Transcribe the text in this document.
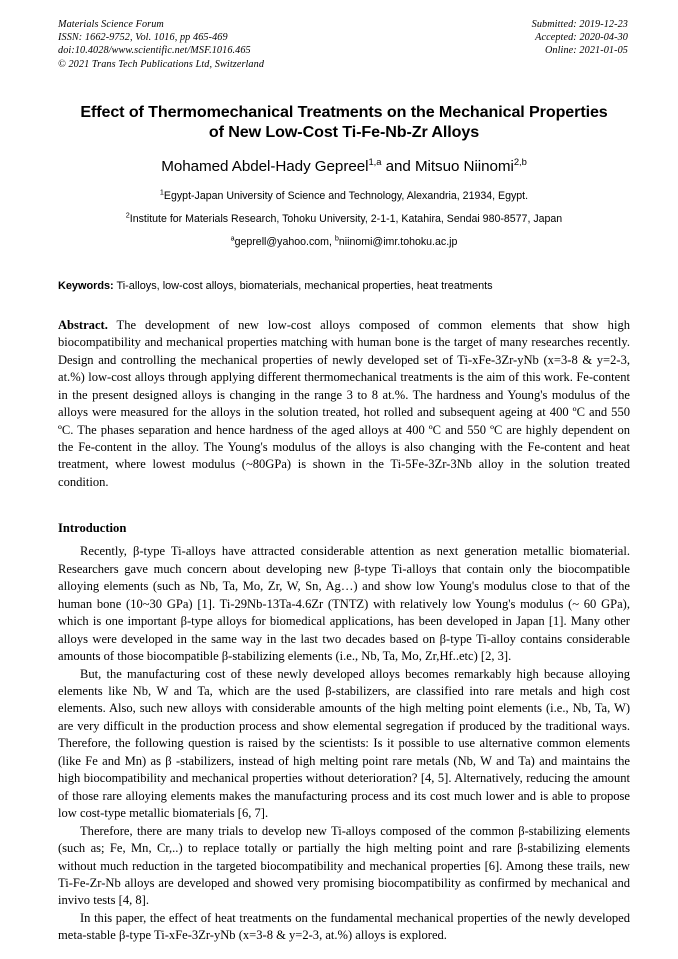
Materials Science Forum
ISSN: 1662-9752, Vol. 1016, pp 465-469
doi:10.4028/www.scientific.net/MSF.1016.465
© 2021 Trans Tech Publications Ltd, Switzerland
Submitted: 2019-12-23
Accepted: 2020-04-30
Online: 2021-01-05
Effect of Thermomechanical Treatments on the Mechanical Properties
of New Low-Cost Ti-Fe-Nb-Zr Alloys
Mohamed Abdel-Hady Gepreel$^{1,a}$ and Mitsuo Niinomi$^{2,b}$
$^1$Egypt-Japan University of Science and Technology, Alexandria, 21934, Egypt.
$^2$Institute for Materials Research, Tohoku University, 2-1-1, Katahira, Sendai 980-8577, Japan
$^a$geprell@yahoo.com, $^b$niinomi@imr.tohoku.ac.jp
Keywords: Ti-alloys, low-cost alloys, biomaterials, mechanical properties, heat treatments
Abstract. The development of new low-cost alloys composed of common elements that show high biocompatibility and mechanical properties matching with human bone is the target of many researches recently. Design and controlling the mechanical properties of newly developed set of Ti-xFe-3Zr-yNb (x=3-8 & y=2-3, at.%) low-cost alloys through applying different thermomechanical treatments is the aim of this work. Fe-content in the present designed alloys is changing in the range 3 to 8 at.%. The hardness and Young's modulus of the alloys were measured for the alloys in the solution treated, hot rolled and subsequent ageing at 400 ºC and 550 ºC. The phases separation and hence hardness of the aged alloys at 400 ºC and 550 ºC are highly dependent on the Fe-content in the alloy. The Young's modulus of the alloys is also changing with the Fe-content and heat treatment, where lowest modulus (~80GPa) is shown in the Ti-5Fe-3Zr-3Nb alloy in the solution treated condition.
Introduction

Recently, β-type Ti-alloys have attracted considerable attention as next generation metallic biomaterial. Researchers gave much concern about developing new β-type Ti-alloys that contain only the biocompatible alloying elements (such as Nb, Ta, Mo, Zr, W, Sn, Ag…) and show low Young's modulus close to that of the human bone (10~30 GPa) [1]. Ti-29Nb-13Ta-4.6Zr (TNTZ) with relatively low Young's modulus (~ 60 GPa), which is one important β-type alloys for biomedical applications, has been developed in Japan [1]. Many other alloys were developed in the same way in the last two decades based on β-type Ti-alloy contains considerable amounts of those biocompatible β-stabilizing elements (i.e., Nb, Ta, Mo, Zr,Hf..etc) [2, 3].

But, the manufacturing cost of these newly developed alloys becomes remarkably high because alloying elements like Nb, W and Ta, which are the used β-stabilizers, are classified into rare metals and high cost elements. Also, such new alloys with considerable amounts of the high melting point elements (i.e., Nb, Ta, W) are very difficult in the production process and show elemental segregation if produced by the traditional ways. Therefore, the following question is raised by the scientists: Is it possible to use alternative common elements (like Fe and Mn) as β -stabilizers, instead of high melting point rare metals (Nb, W and Ta) and maintains the high biocompatibility and mechanical properties without deterioration? [4, 5]. Alternatively, reducing the amount of those rare alloying elements makes the manufacturing process and its cost much lower and is able to propose low cost-type metallic biomaterials [6, 7].

Therefore, there are many trials to develop new Ti-alloys composed of the common β-stabilizing elements (such as; Fe, Mn, Cr,..) to replace totally or partially the high melting point and rare β-stabilizing elements without much reduction in the targeted biocompatibility and mechanical properties [6]. Among these trails, new Ti-Fe-Zr-Nb alloys are developed and showed very promising biocompatibility as confirmed by mechanical and invivo tests [4, 8].

In this paper, the effect of heat treatments on the fundamental mechanical properties of the newly developed meta-stable β-type Ti-xFe-3Zr-yNb (x=3-8 & y=2-3, at.%) alloys is explored.
